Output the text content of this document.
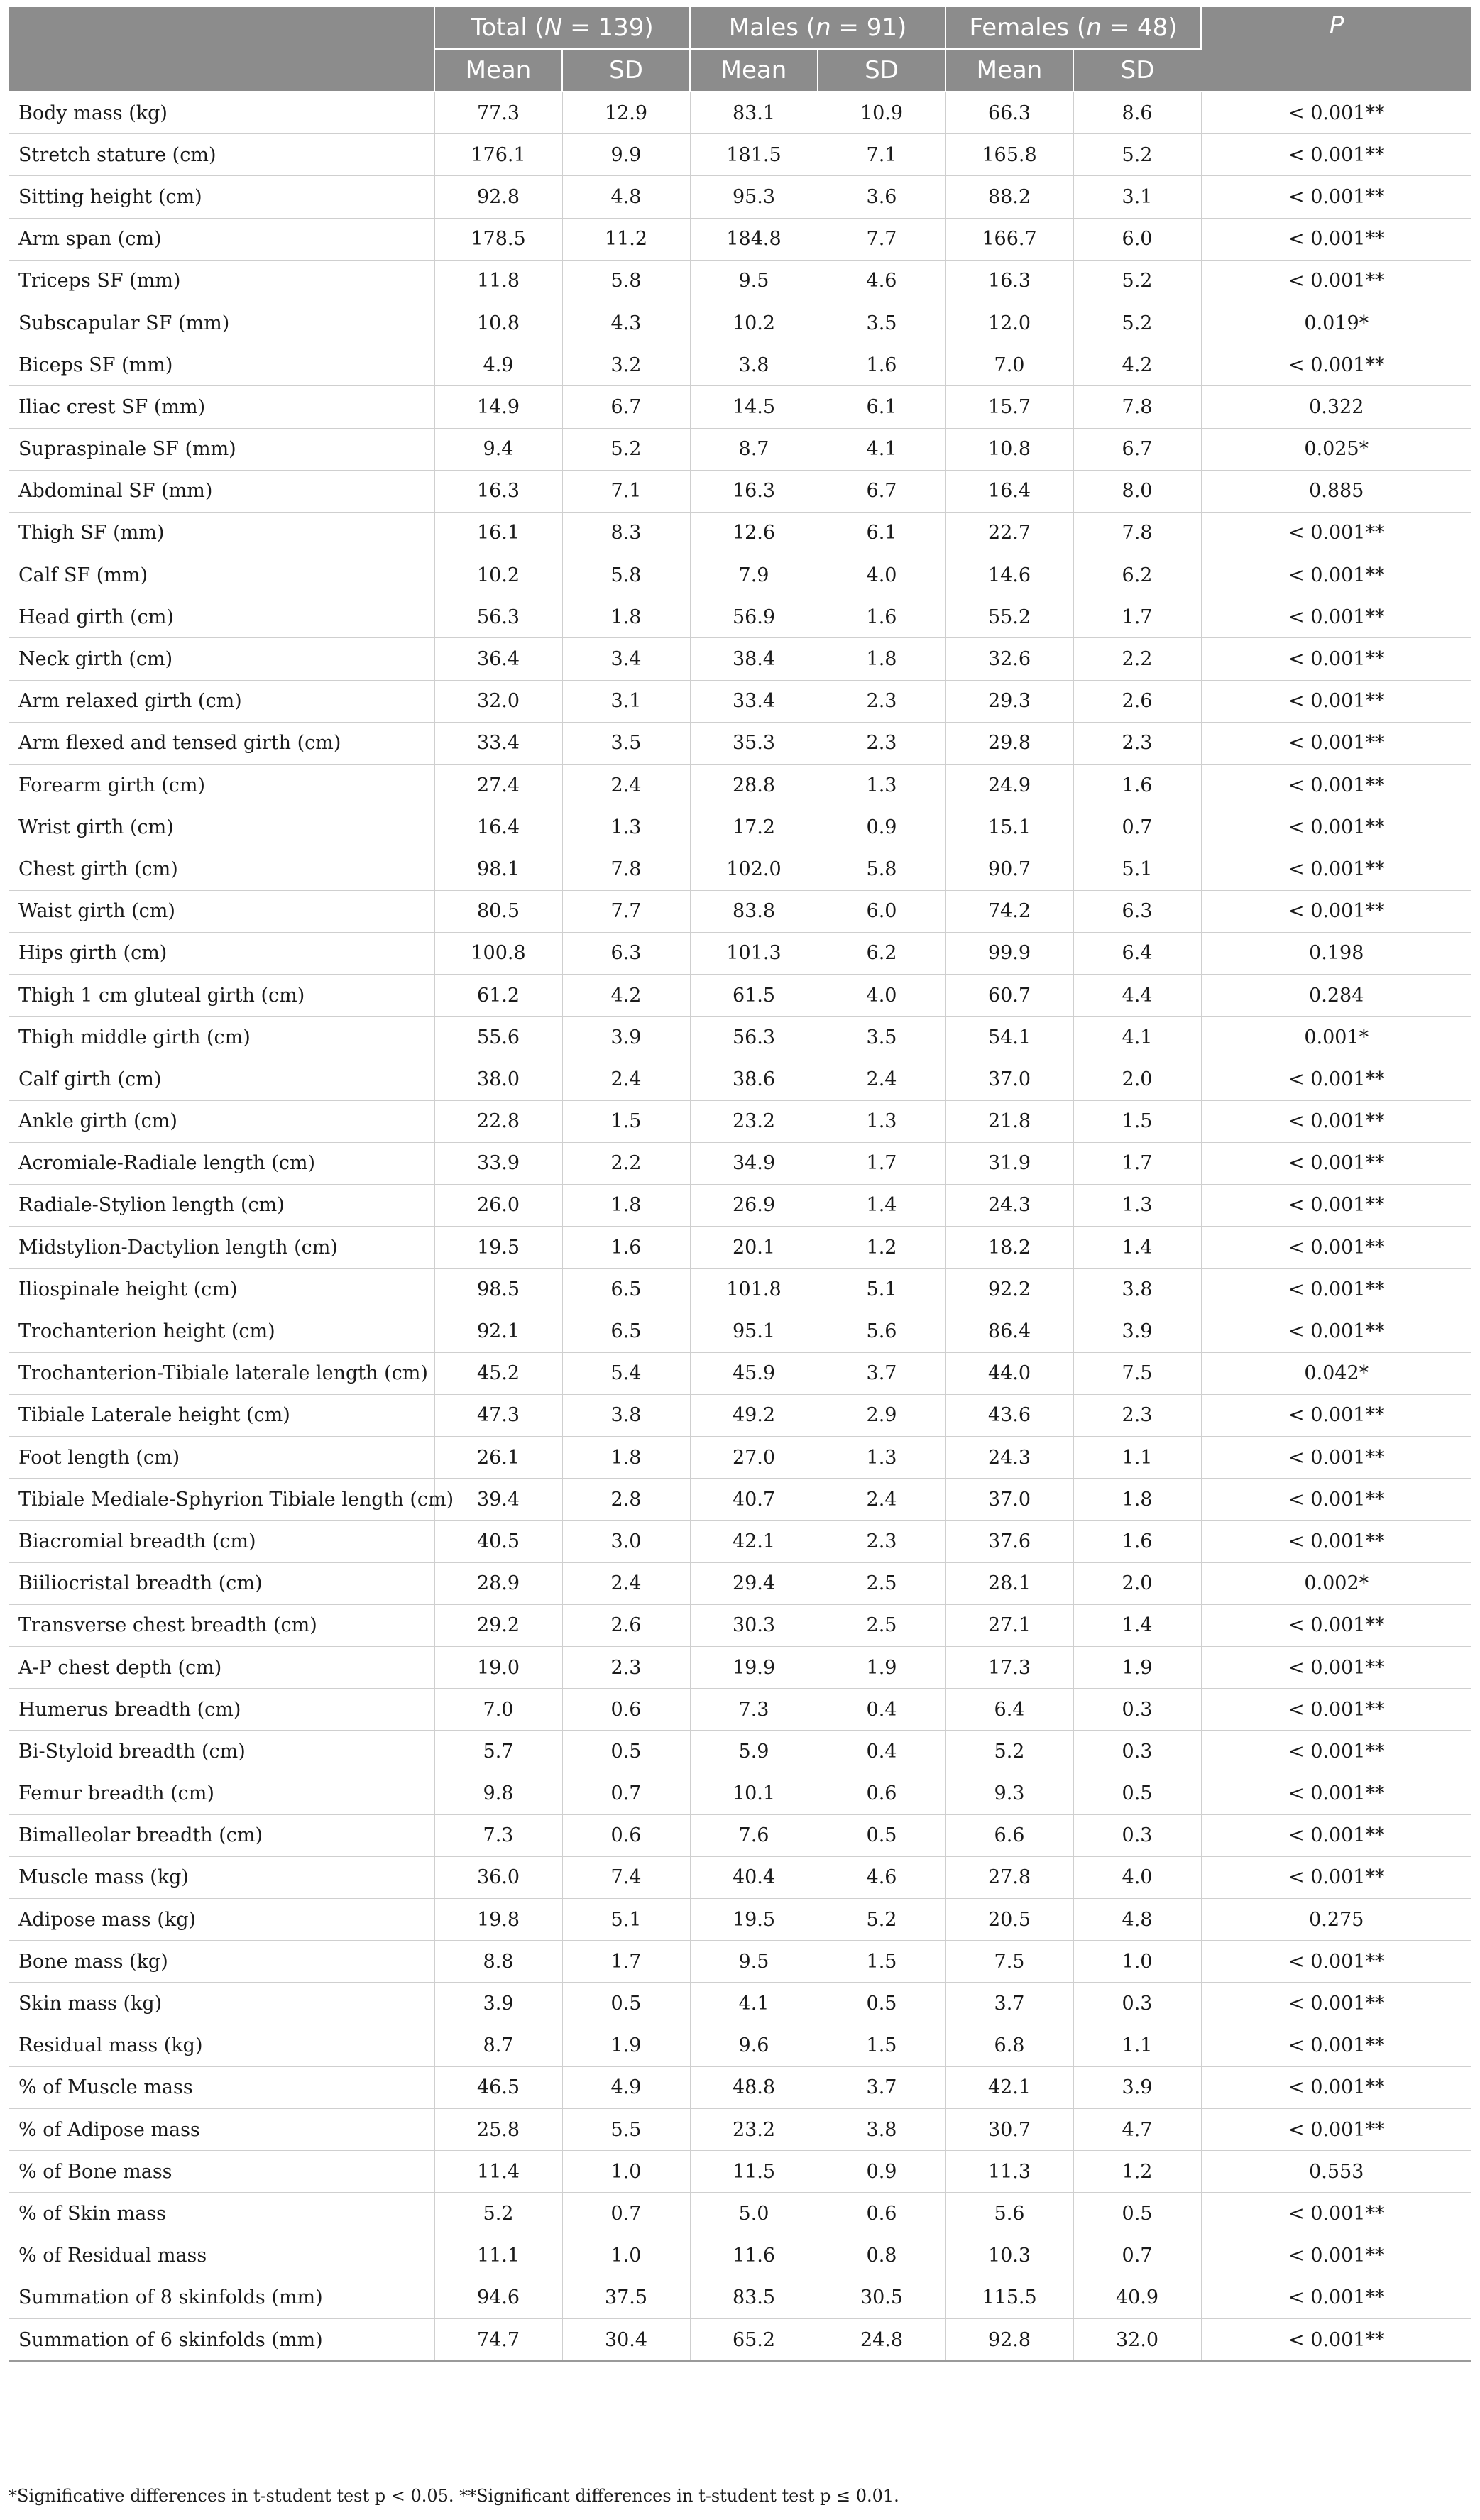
	Total (N = 139)		Males (n = 91)		Females (n = 48)		P
	Mean	SD	Mean	SD	Mean	SD	
Body mass (kg)	77.3	12.9	83.1	10.9	66.3	8.6	< 0.001**
Stretch stature (cm)	176.1	9.9	181.5	7.1	165.8	5.2	< 0.001**
Sitting height (cm)	92.8	4.8	95.3	3.6	88.2	3.1	< 0.001**
Arm span (cm)	178.5	11.2	184.8	7.7	166.7	6.0	< 0.001**
Triceps SF (mm)	11.8	5.8	9.5	4.6	16.3	5.2	< 0.001**
Subscapular SF (mm)	10.8	4.3	10.2	3.5	12.0	5.2	0.019*
Biceps SF (mm)	4.9	3.2	3.8	1.6	7.0	4.2	< 0.001**
Iliac crest SF (mm)	14.9	6.7	14.5	6.1	15.7	7.8	0.322
Supraspinale SF (mm)	9.4	5.2	8.7	4.1	10.8	6.7	0.025*
Abdominal SF (mm)	16.3	7.1	16.3	6.7	16.4	8.0	0.885
Thigh SF (mm)	16.1	8.3	12.6	6.1	22.7	7.8	< 0.001**
Calf SF (mm)	10.2	5.8	7.9	4.0	14.6	6.2	< 0.001**
Head girth (cm)	56.3	1.8	56.9	1.6	55.2	1.7	< 0.001**
Neck girth (cm)	36.4	3.4	38.4	1.8	32.6	2.2	< 0.001**
Arm relaxed girth (cm)	32.0	3.1	33.4	2.3	29.3	2.6	< 0.001**
Arm flexed and tensed girth (cm)	33.4	3.5	35.3	2.3	29.8	2.3	< 0.001**
Forearm girth (cm)	27.4	2.4	28.8	1.3	24.9	1.6	< 0.001**
Wrist girth (cm)	16.4	1.3	17.2	0.9	15.1	0.7	< 0.001**
Chest girth (cm)	98.1	7.8	102.0	5.8	90.7	5.1	< 0.001**
Waist girth (cm)	80.5	7.7	83.8	6.0	74.2	6.3	< 0.001**
Hips girth (cm)	100.8	6.3	101.3	6.2	99.9	6.4	0.198
Thigh 1 cm gluteal girth (cm)	61.2	4.2	61.5	4.0	60.7	4.4	0.284
Thigh middle girth (cm)	55.6	3.9	56.3	3.5	54.1	4.1	0.001*
Calf girth (cm)	38.0	2.4	38.6	2.4	37.0	2.0	< 0.001**
Ankle girth (cm)	22.8	1.5	23.2	1.3	21.8	1.5	< 0.001**
Acromiale-Radiale length (cm)	33.9	2.2	34.9	1.7	31.9	1.7	< 0.001**
Radiale-Stylion length (cm)	26.0	1.8	26.9	1.4	24.3	1.3	< 0.001**
Midstylion-Dactylion length (cm)	19.5	1.6	20.1	1.2	18.2	1.4	< 0.001**
Iliospinale height (cm)	98.5	6.5	101.8	5.1	92.2	3.8	< 0.001**
Trochanterion height (cm)	92.1	6.5	95.1	5.6	86.4	3.9	< 0.001**
Trochanterion-Tibiale laterale length (cm)	45.2	5.4	45.9	3.7	44.0	7.5	0.042*
Tibiale Laterale height (cm)	47.3	3.8	49.2	2.9	43.6	2.3	< 0.001**
Foot length (cm)	26.1	1.8	27.0	1.3	24.3	1.1	< 0.001**
Tibiale Mediale-Sphyrion Tibiale length (cm)	39.4	2.8	40.7	2.4	37.0	1.8	< 0.001**
Biacromial breadth (cm)	40.5	3.0	42.1	2.3	37.6	1.6	< 0.001**
Biiliocristal breadth (cm)	28.9	2.4	29.4	2.5	28.1	2.0	0.002*
Transverse chest breadth (cm)	29.2	2.6	30.3	2.5	27.1	1.4	< 0.001**
A-P chest depth (cm)	19.0	2.3	19.9	1.9	17.3	1.9	< 0.001**
Humerus breadth (cm)	7.0	0.6	7.3	0.4	6.4	0.3	< 0.001**
Bi-Styloid breadth (cm)	5.7	0.5	5.9	0.4	5.2	0.3	< 0.001**
Femur breadth (cm)	9.8	0.7	10.1	0.6	9.3	0.5	< 0.001**
Bimalleolar breadth (cm)	7.3	0.6	7.6	0.5	6.6	0.3	< 0.001**
Muscle mass (kg)	36.0	7.4	40.4	4.6	27.8	4.0	< 0.001**
Adipose mass (kg)	19.8	5.1	19.5	5.2	20.5	4.8	0.275
Bone mass (kg)	8.8	1.7	9.5	1.5	7.5	1.0	< 0.001**
Skin mass (kg)	3.9	0.5	4.1	0.5	3.7	0.3	< 0.001**
Residual mass (kg)	8.7	1.9	9.6	1.5	6.8	1.1	< 0.001**
% of Muscle mass	46.5	4.9	48.8	3.7	42.1	3.9	< 0.001**
% of Adipose mass	25.8	5.5	23.2	3.8	30.7	4.7	< 0.001**
% of Bone mass	11.4	1.0	11.5	0.9	11.3	1.2	0.553
% of Skin mass	5.2	0.7	5.0	0.6	5.6	0.5	< 0.001**
% of Residual mass	11.1	1.0	11.6	0.8	10.3	0.7	< 0.001**
Summation of 8 skinfolds (mm)	94.6	37.5	83.5	30.5	115.5	40.9	< 0.001**
Summation of 6 skinfolds (mm)	74.7	30.4	65.2	24.8	92.8	32.0	< 0.001**
*Significative differences in t-student test p < 0.05. **Significant differences in t-student test p ≤ 0.01.
